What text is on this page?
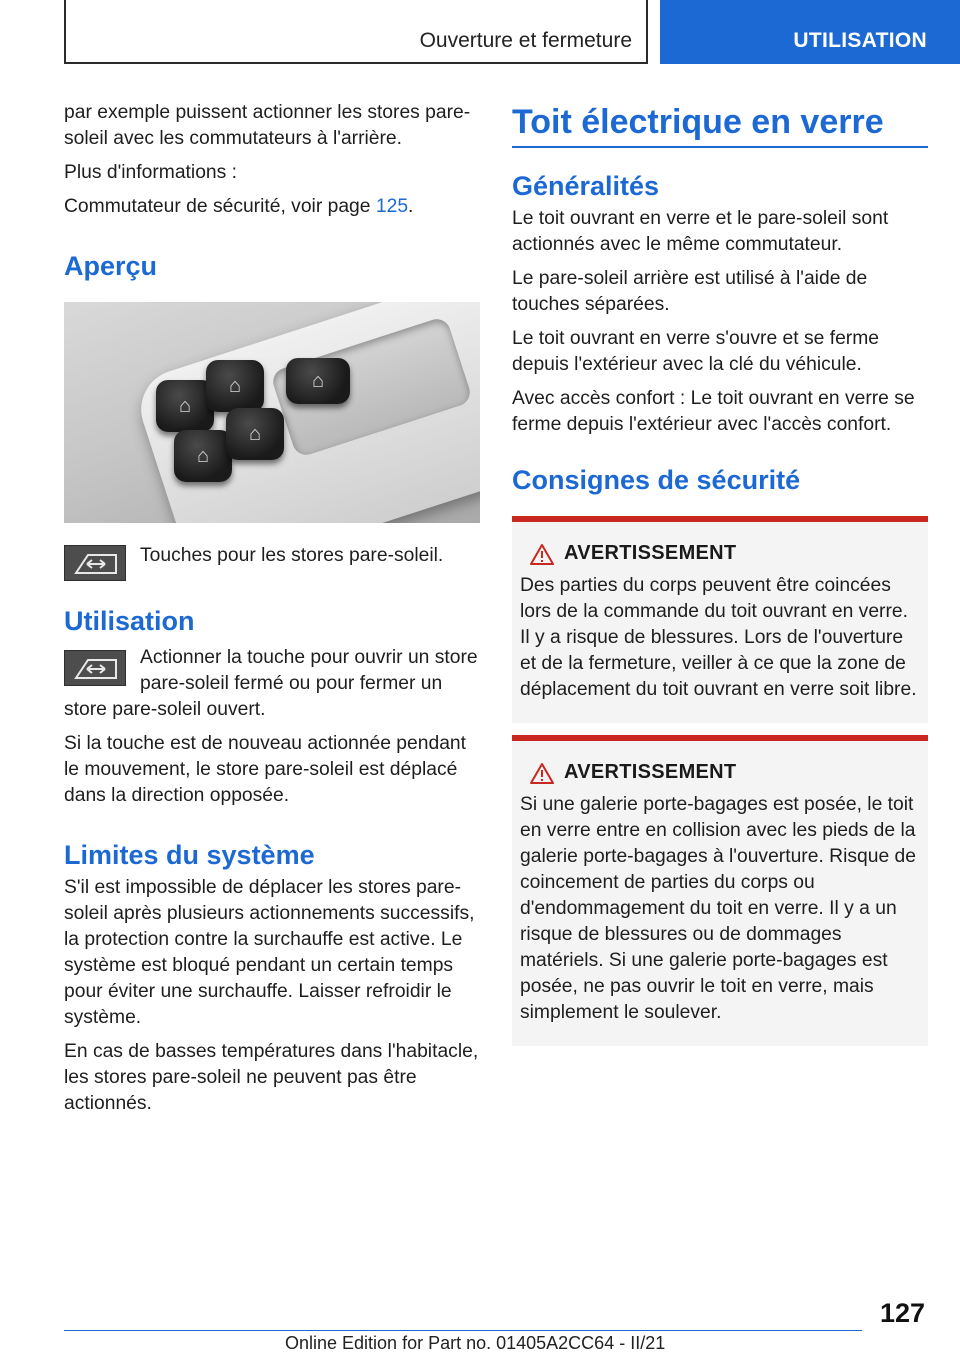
Ouverture et fermeture	UTILISATION

par exemple puissent actionner les stores pare-soleil avec les commutateurs à l'arrière.

Plus d'informations :

Commutateur de sécurité, voir page 125.

Aperçu
⌂
⌂
⌂
⌂
⌂

Touches pour les stores pare-soleil.

Utilisation

Actionner la touche pour ouvrir un store pare-soleil fermé ou pour fermer un store pare-soleil ouvert.

Si la touche est de nouveau actionnée pendant le mouvement, le store pare-soleil est déplacé dans la direction opposée.

Limites du système

S'il est impossible de déplacer les stores pare-soleil après plusieurs actionnements successifs, la protection contre la surchauffe est active. Le système est bloqué pendant un certain temps pour éviter une surchauffe. Laisser refroidir le système.

En cas de basses températures dans l'habitacle, les stores pare-soleil ne peuvent pas être actionnés.

Toit électrique en verre
Généralités

Le toit ouvrant en verre et le pare-soleil sont actionnés avec le même commutateur.

Le pare-soleil arrière est utilisé à l'aide de touches séparées.

Le toit ouvrant en verre s'ouvre et se ferme depuis l'extérieur avec la clé du véhicule.

Avec accès confort : Le toit ouvrant en verre se ferme depuis l'extérieur avec l'accès confort.

Consignes de sécurité
AVERTISSEMENT

Des parties du corps peuvent être coincées lors de la commande du toit ouvrant en verre. Il y a risque de blessures. Lors de l'ouverture et de la fermeture, veiller à ce que la zone de déplacement du toit ouvrant en verre soit libre.

AVERTISSEMENT

Si une galerie porte-bagages est posée, le toit en verre entre en collision avec les pieds de la galerie porte-bagages à l'ouverture. Risque de coincement de parties du corps ou d'endommagement du toit en verre. Il y a un risque de blessures ou de dommages matériels. Si une galerie porte-bagages est posée, ne pas ouvrir le toit en verre, mais simplement le soulever.

127
Online Edition for Part no. 01405A2CC64 - II/21
